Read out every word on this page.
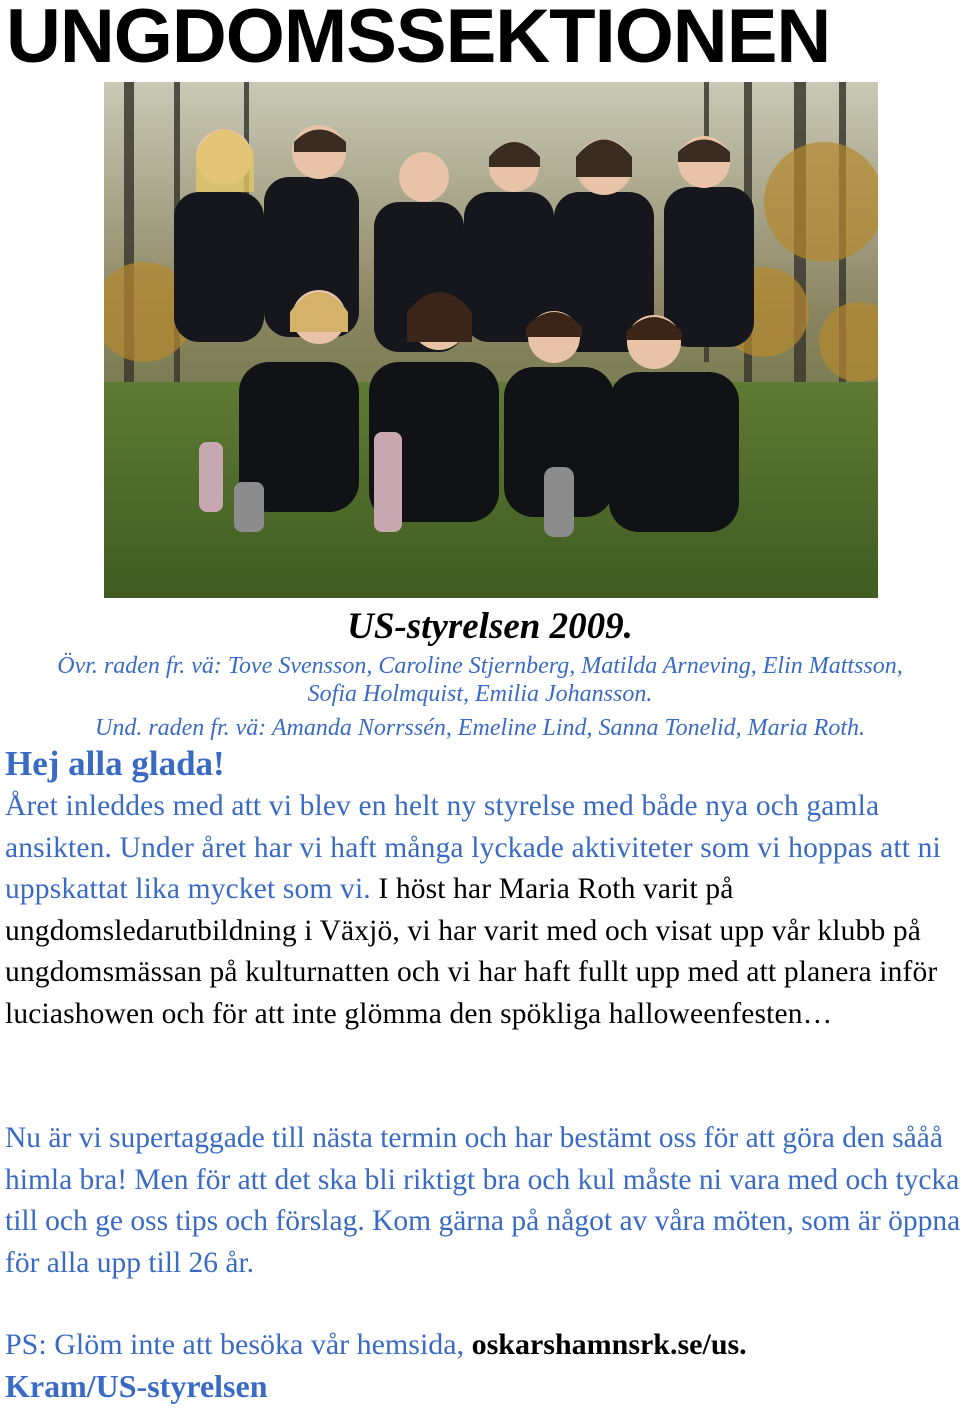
UNGDOMSSEKTIONEN
US-styrelsen 2009.
Övr. raden fr. vä: Tove Svensson, Caroline Stjernberg, Matilda Arneving, Elin Mattsson,
Sofia Holmquist, Emilia Johansson.
Und. raden fr. vä: Amanda Norrssén, Emeline Lind, Sanna Tonelid, Maria Roth.
Hej alla glada!

Året inleddes med att vi blev en helt ny styrelse med både nya och gamla ansikten. Under året har vi haft många lyckade aktiviteter som vi hoppas att ni uppskattat lika mycket som vi. I höst har Maria Roth varit på ungdomsledarutbildning i Växjö, vi har varit med och visat upp vår klubb på ungdomsmässan på kulturnatten och vi har haft fullt upp med att planera inför luciashowen och för att inte glömma den spökliga halloweenfesten…

Nu är vi supertaggade till nästa termin och har bestämt oss för att göra den sååå himla bra! Men för att det ska bli riktigt bra och kul måste ni vara med och tycka till och ge oss tips och förslag. Kom gärna på något av våra möten, som är öppna för alla upp till 26 år.

PS: Glöm inte att besöka vår hemsida, oskarshamnsrk.se/us.
Kram/US-styrelsen
